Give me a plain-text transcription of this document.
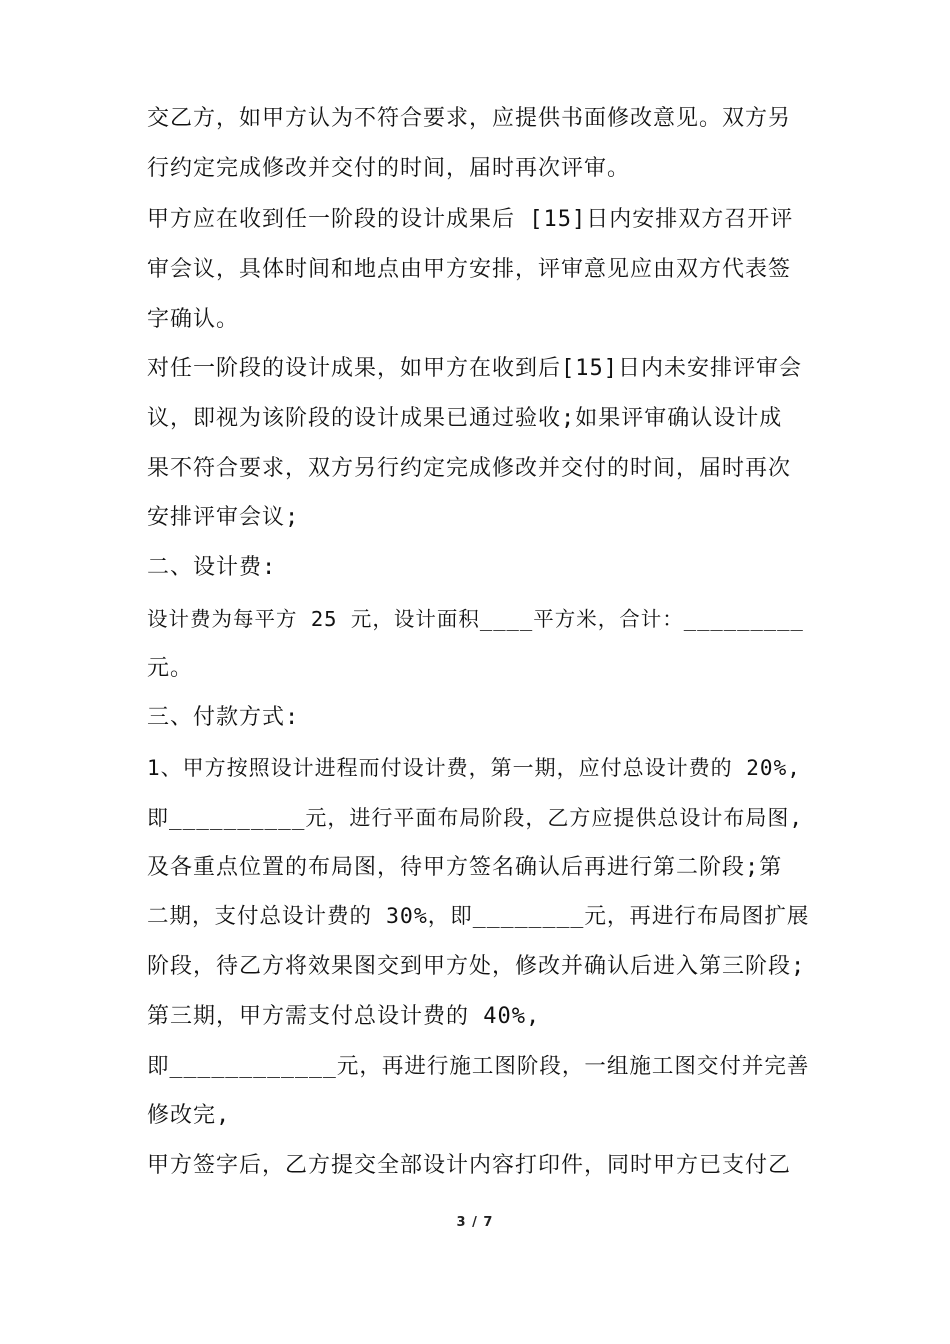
交乙方，如甲方认为不符合要求，应提供书面修改意见。双方另
行约定完成修改并交付的时间，届时再次评审。
甲方应在收到任一阶段的设计成果后 [15]日内安排双方召开评
审会议，具体时间和地点由甲方安排，评审意见应由双方代表签
字确认。
对任一阶段的设计成果，如甲方在收到后[15]日内未安排评审会
议，即视为该阶段的设计成果已通过验收;如果评审确认设计成
果不符合要求，双方另行约定完成修改并交付的时间，届时再次
安排评审会议;
二、设计费:
设计费为每平方 25 元，设计面积____平方米，合计：_________
元。
三、付款方式:
1、甲方按照设计进程而付设计费，第一期，应付总设计费的 20%,
即__________元，进行平面布局阶段，乙方应提供总设计布局图,
及各重点位置的布局图，待甲方签名确认后再进行第二阶段;第
二期，支付总设计费的 30%，即________元，再进行布局图扩展
阶段，待乙方将效果图交到甲方处，修改并确认后进入第三阶段;
第三期，甲方需支付总设计费的 40%,
即____________元，再进行施工图阶段，一组施工图交付并完善
修改完,
甲方签字后，乙方提交全部设计内容打印件，同时甲方已支付乙
3 / 7
